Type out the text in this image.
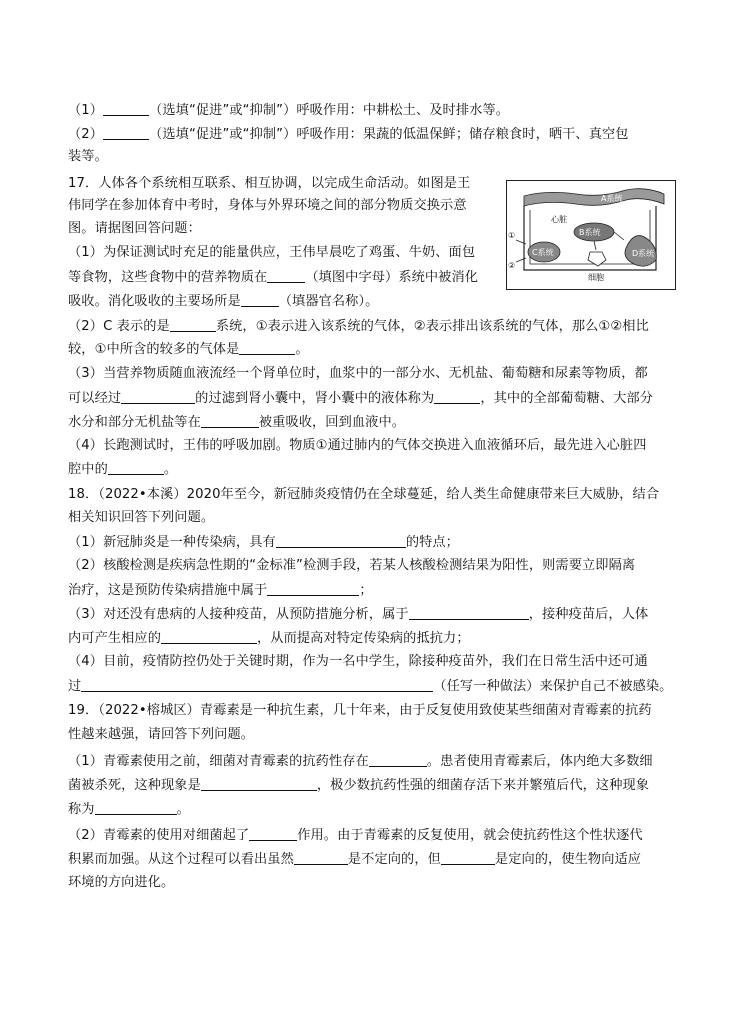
（1）	（选填“促进”或“抑制”）呼吸作用：中耕松土、及时排水等。
（2）	（选填“促进”或“抑制”）呼吸作用：果蔬的低温保鲜；储存粮食时，晒干、真空包
装等。
17．人体各个系统相互联系、相互协调，以完成生命活动。如图是王
伟同学在参加体育中考时，身体与外界环境之间的部分物质交换示意
图。请据图回答问题：
（1）为保证测试时充足的能量供应，王伟早晨吃了鸡蛋、牛奶、面包
等食物，这些食物中的营养物质在	（填图中字母）系统中被消化
吸收。消化吸收的主要场所是	（填器官名称）。
A系统
心脏
B系统
C系统	D系统
细胞
①
②
（2）C 表示的是	系统，①表示进入该系统的气体，②表示排出该系统的气体，那么①②相比
较，①中所含的较多的气体是	。
（3）当营养物质随血液流经一个肾单位时，血浆中的一部分水、无机盐、葡萄糖和尿素等物质，都
可以经过	的过滤到肾小囊中，肾小囊中的液体称为	，其中的全部葡萄糖、大部分
水分和部分无机盐等在	被重吸收，回到血液中。
（4）长跑测试时，王伟的呼吸加剧。物质①通过肺内的气体交换进入血液循环后，最先进入心脏四
腔中的	。
18．（2022•本溪）2020年至今，新冠肺炎疫情仍在全球蔓延，给人类生命健康带来巨大威胁，结合
相关知识回答下列问题。
（1）新冠肺炎是一种传染病，具有	的特点；
（2）核酸检测是疾病急性期的“金标准”检测手段，若某人核酸检测结果为阳性，则需要立即隔离
治疗，这是预防传染病措施中属于	；
（3）对还没有患病的人接种疫苗，从预防措施分析，属于	，接种疫苗后，人体
内可产生相应的	，从而提高对特定传染病的抵抗力；
（4）目前，疫情防控仍处于关键时期，作为一名中学生，除接种疫苗外，我们在日常生活中还可通
过	（任写一种做法）来保护自己不被感染。
19．（2022•榕城区）青霉素是一种抗生素，几十年来，由于反复使用致使某些细菌对青霉素的抗药
性越来越强，请回答下列问题。
（1）青霉素使用之前，细菌对青霉素的抗药性存在	。患者使用青霉素后，体内绝大多数细
菌被杀死，这种现象是	，极少数抗药性强的细菌存活下来并繁殖后代，这种现象
称为	。
（2）青霉素的使用对细菌起了	作用。由于青霉素的反复使用，就会使抗药性这个性状逐代
积累而加强。从这个过程可以看出虽然	是不定向的，但	是定向的，使生物向适应
环境的方向进化。
